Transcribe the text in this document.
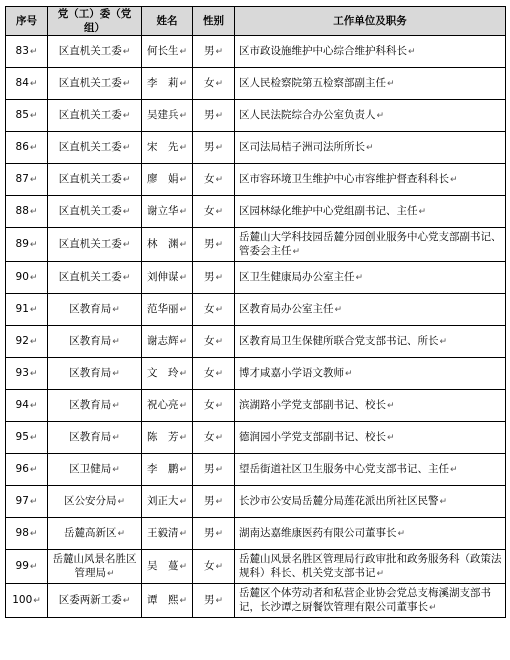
序号	党（工）委（党组）	姓名	性别	工作单位及职务
83↵	区直机关工委↵	何长生↵	男↵	区市政设施维护中心综合维护科科长↵
84↵	区直机关工委↵	李　莉↵	女↵	区人民检察院第五检察部副主任↵
85↵	区直机关工委↵	吴建兵↵	男↵	区人民法院综合办公室负责人↵
86↵	区直机关工委↵	宋　先↵	男↵	区司法局桔子洲司法所所长↵
87↵	区直机关工委↵	廖　娟↵	女↵	区市容环境卫生维护中心市容维护督查科科长↵
88↵	区直机关工委↵	谢立华↵	女↵	区园林绿化维护中心党组副书记、主任↵
89↵	区直机关工委↵	林　渊↵	男↵	岳麓山大学科技园岳麓分园创业服务中心党支部副书记、管委会主任↵
90↵	区直机关工委↵	刘伸谋↵	男↵	区卫生健康局办公室主任↵
91↵	区教育局↵	范华丽↵	女↵	区教育局办公室主任↵
92↵	区教育局↵	谢志辉↵	女↵	区教育局卫生保健所联合党支部书记、所长↵
93↵	区教育局↵	文　玲↵	女↵	博才咸嘉小学语文教师↵
94↵	区教育局↵	祝心亮↵	女↵	滨湖路小学党支部副书记、校长↵
95↵	区教育局↵	陈　芳↵	女↵	德润园小学党支部副书记、校长↵
96↵	区卫健局↵	李　鹏↵	男↵	望岳街道社区卫生服务中心党支部书记、主任↵
97↵	区公安分局↵	刘正大↵	男↵	长沙市公安局岳麓分局莲花派出所社区民警↵
98↵	岳麓高新区↵	王毅清↵	男↵	湖南达嘉维康医药有限公司董事长↵
99↵	岳麓山风景名胜区管理局↵	吴　蔓↵	女↵	岳麓山风景名胜区管理局行政审批和政务服务科（政策法规科）科长、机关党支部书记↵
100↵	区委两新工委↵	谭　熙↵	男↵	岳麓区个体劳动者和私营企业协会党总支梅溪湖支部书记，长沙谭之厨餐饮管理有限公司董事长↵
